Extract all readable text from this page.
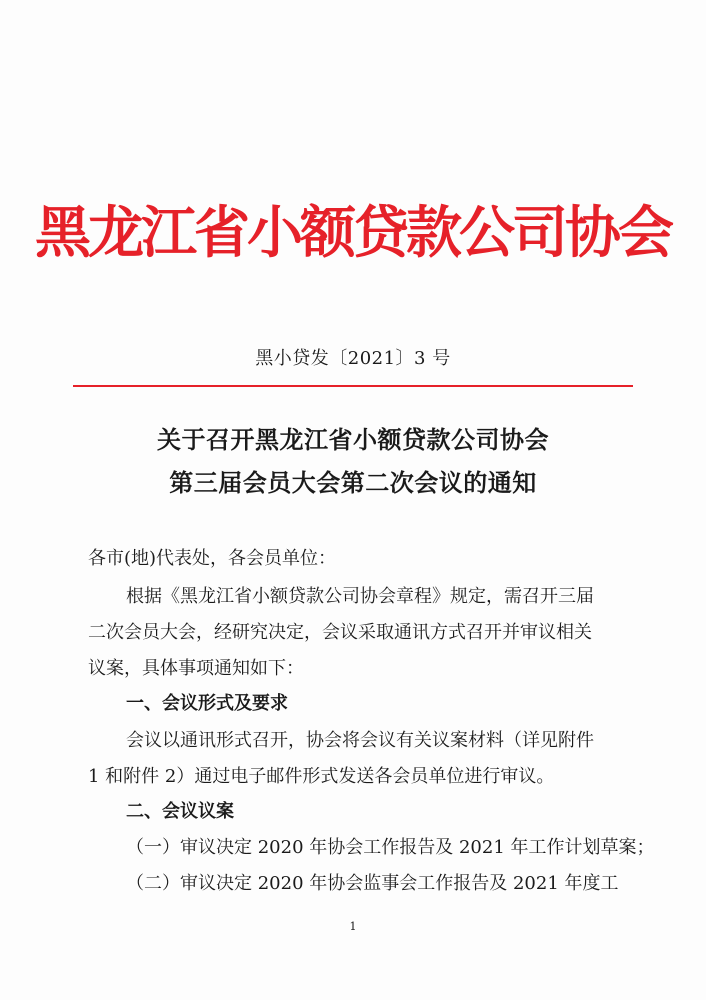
黑龙江省小额贷款公司协会
黑小贷发〔2021〕3 号
关于召开黑龙江省小额贷款公司协会
第三届会员大会第二次会议的通知
各市(地)代表处，各会员单位：
根据《黑龙江省小额贷款公司协会章程》规定，需召开三届
二次会员大会，经研究决定，会议采取通讯方式召开并审议相关
议案，具体事项通知如下：
一、会议形式及要求
会议以通讯形式召开，协会将会议有关议案材料（详见附件
1 和附件 2）通过电子邮件形式发送各会员单位进行审议。
二、会议议案
（一）审议决定 2020 年协会工作报告及 2021 年工作计划草案；
（二）审议决定 2020 年协会监事会工作报告及 2021 年度工
1
